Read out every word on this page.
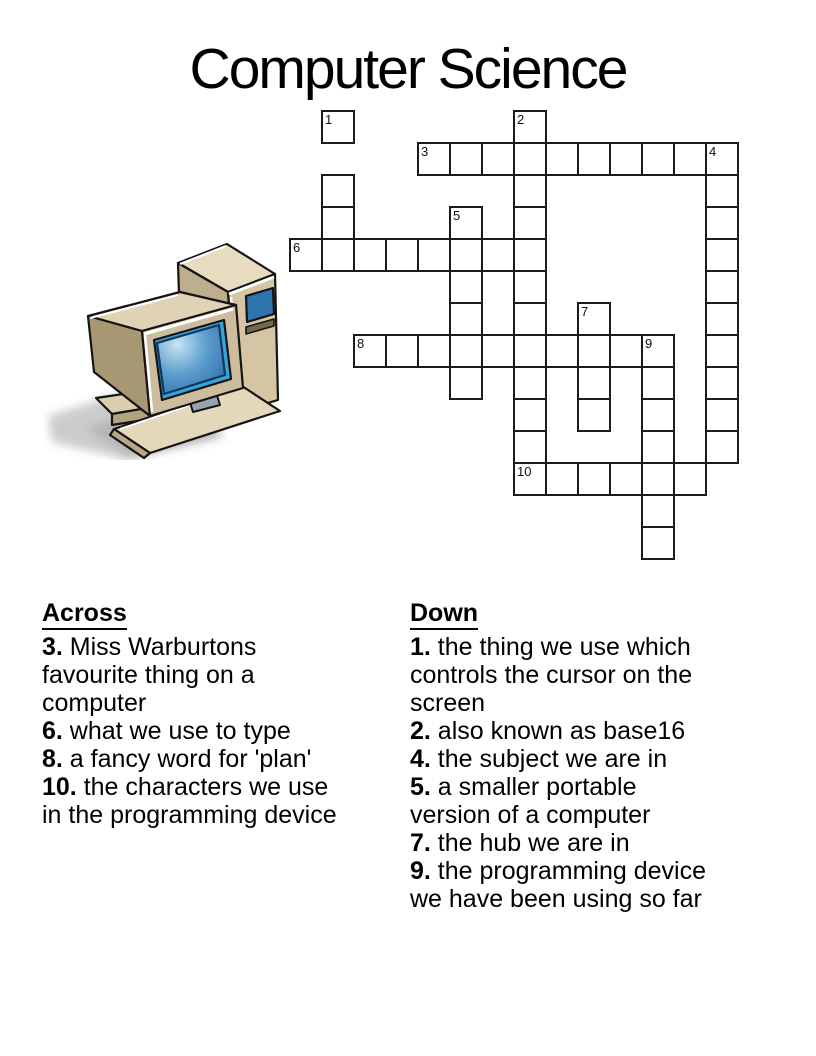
Computer Science
1	2
3	4
5
6
7
8	9
10
Across

3. Miss Warburtons
favourite thing on a
computer

6. what we use to type

8. a fancy word for 'plan'

10. the characters we use
in the programming device

Down

1. the thing we use which
controls the cursor on the
screen

2. also known as base16

4. the subject we are in

5. a smaller portable
version of a computer

7. the hub we are in

9. the programming device
we have been using so far
